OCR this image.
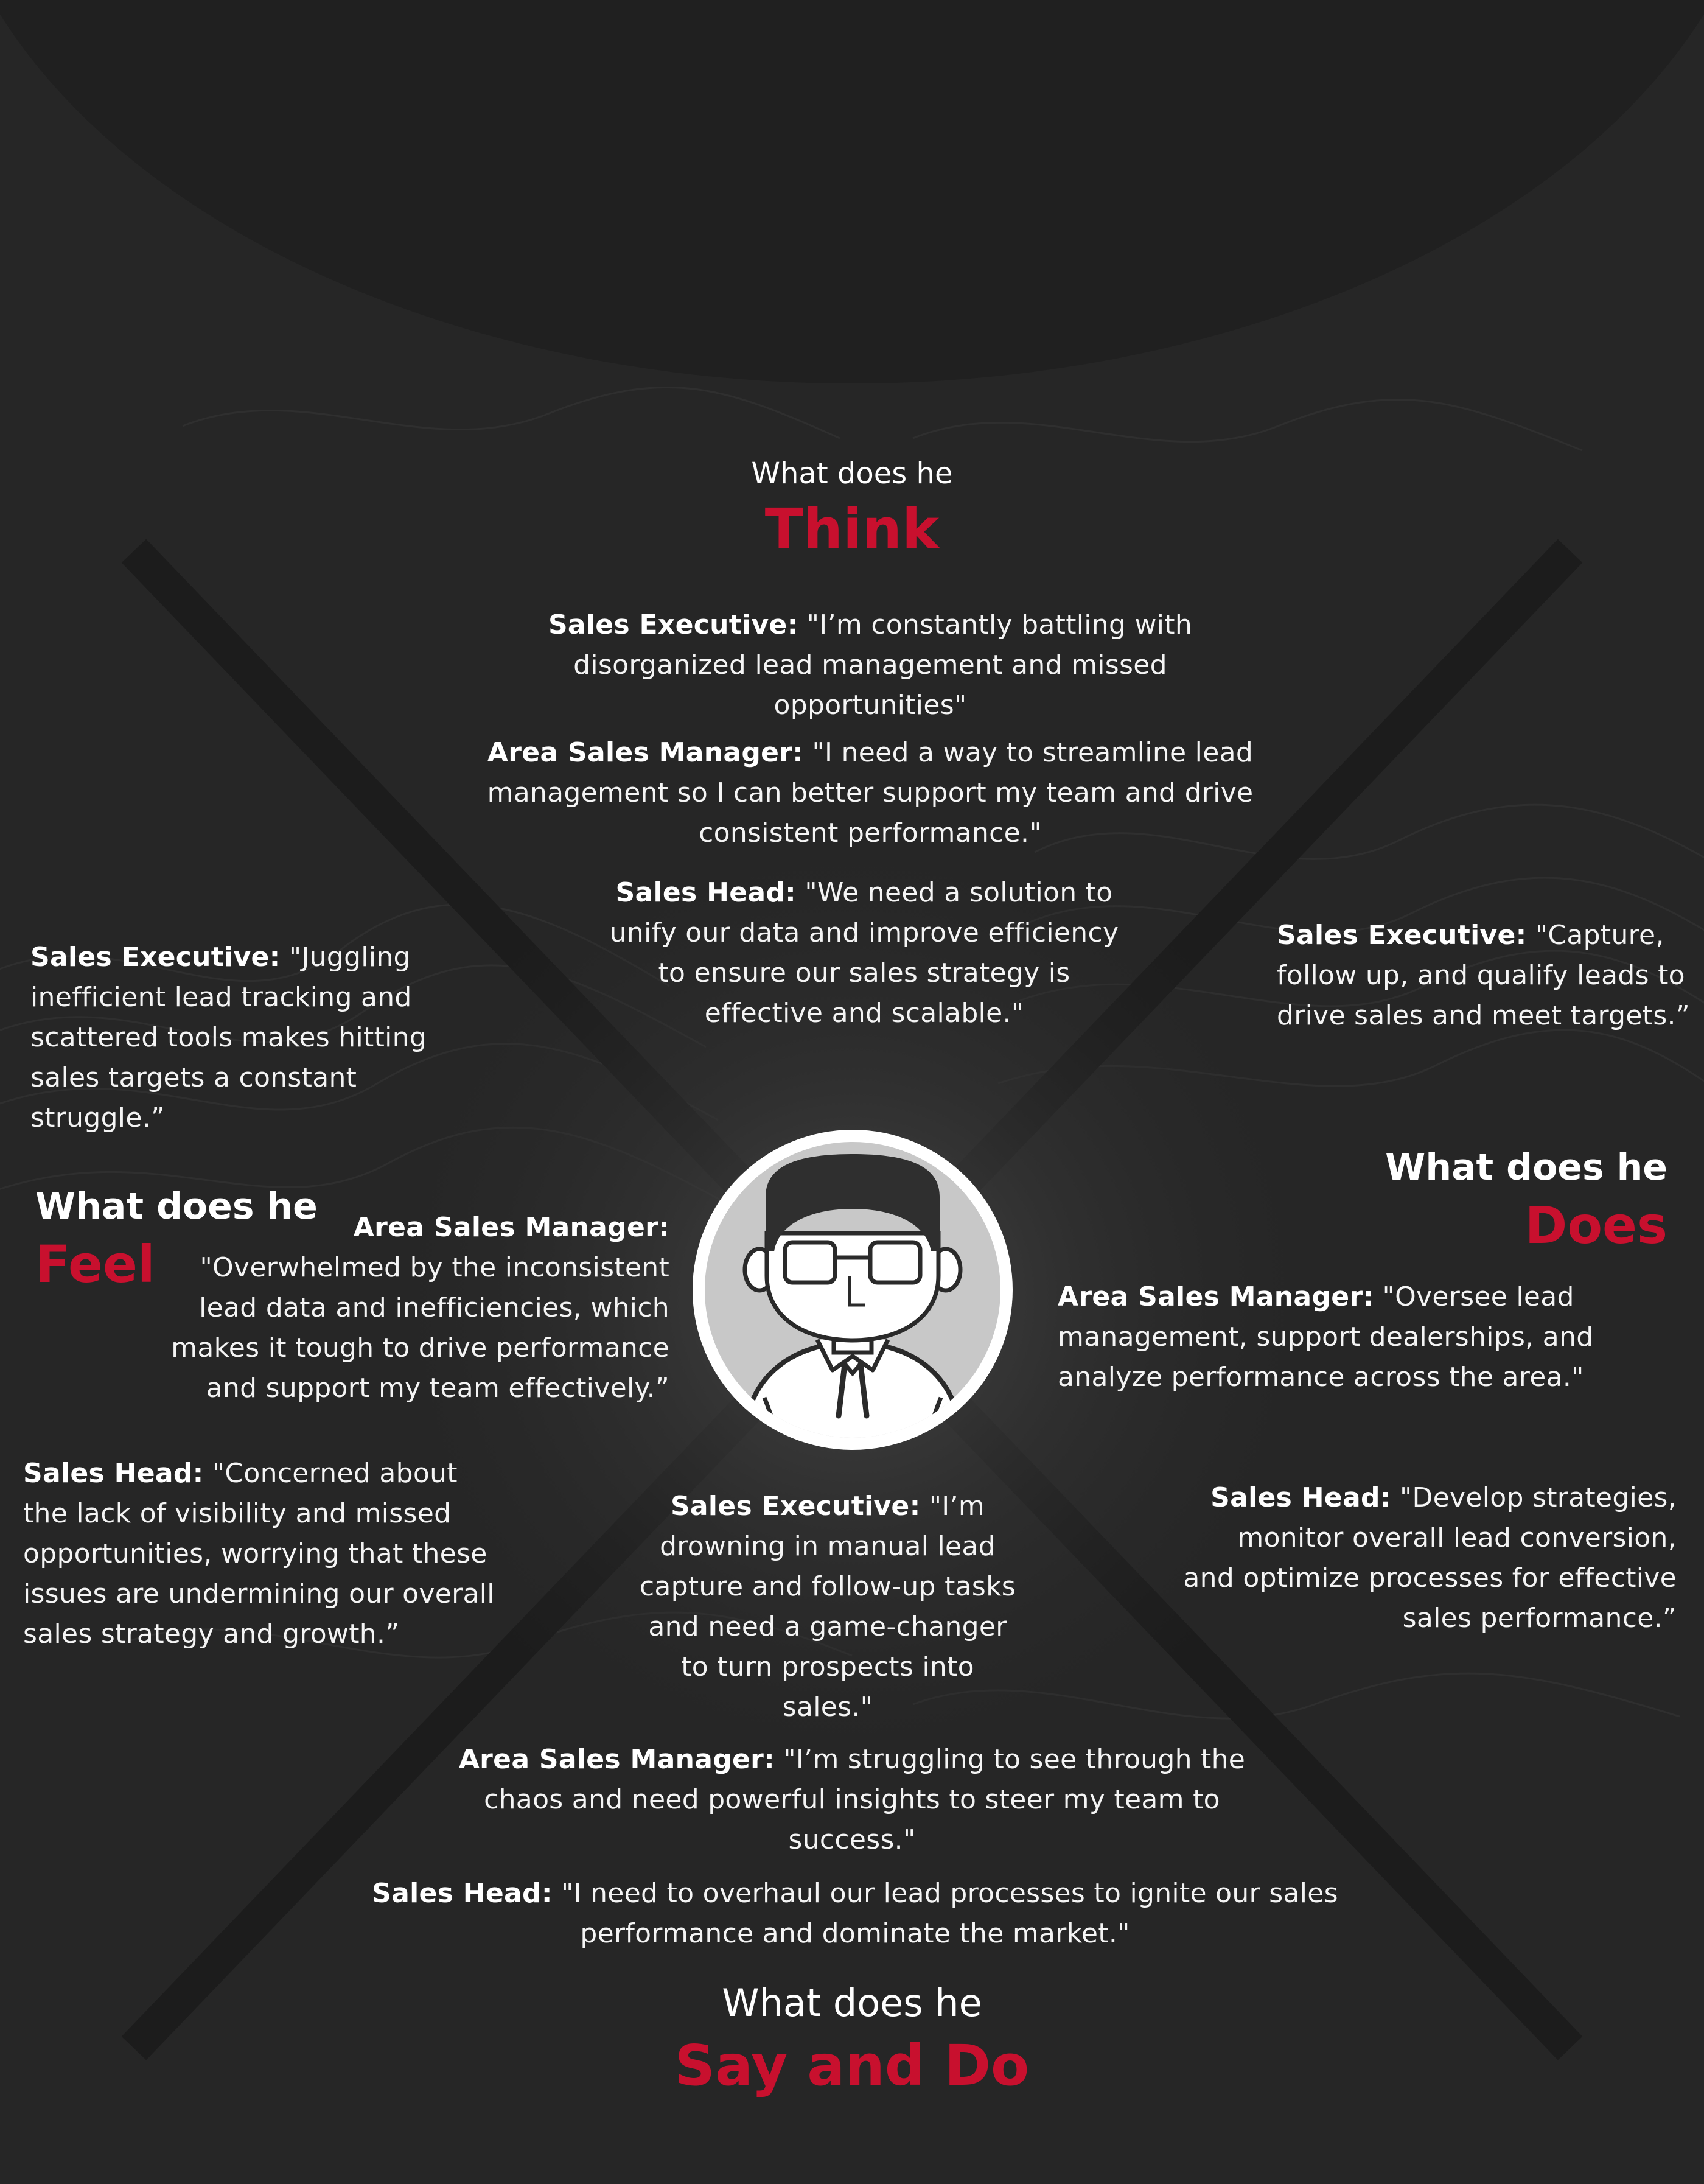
What does he
Think
Sales Executive: "I’m constantly battling with disorganized lead management and missed opportunities"
Area Sales Manager: "I need a way to streamline lead management so I can better support my team and drive consistent performance."
Sales Head: "We need a solution to unify our data and improve efficiency to ensure our sales strategy is effective and scalable."
Sales Executive: "Juggling inefficient lead tracking and scattered tools makes hitting sales targets a constant struggle.”
What does he
Feel
Area Sales Manager: "Overwhelmed by the inconsistent lead data and inefficiencies, which makes it tough to drive performance and support my team effectively.”
Sales Head: "Concerned about the lack of visibility and missed opportunities, worrying that these issues are undermining our overall sales strategy and growth.”
Sales Executive: "Capture, follow up, and qualify leads to drive sales and meet targets.”
What does he
Does
Area Sales Manager: "Oversee lead management, support dealerships, and analyze performance across the area."
Sales Head: "Develop strategies, monitor overall lead conversion, and optimize processes for effective sales performance.”
Sales Executive: "I’m drowning in manual lead capture and follow-up tasks and need a game-changer to turn prospects into sales."
Area Sales Manager: "I’m struggling to see through the chaos and need powerful insights to steer my team to success."
Sales Head: "I need to overhaul our lead processes to ignite our sales performance and dominate the market."
What does he
Say and Do
